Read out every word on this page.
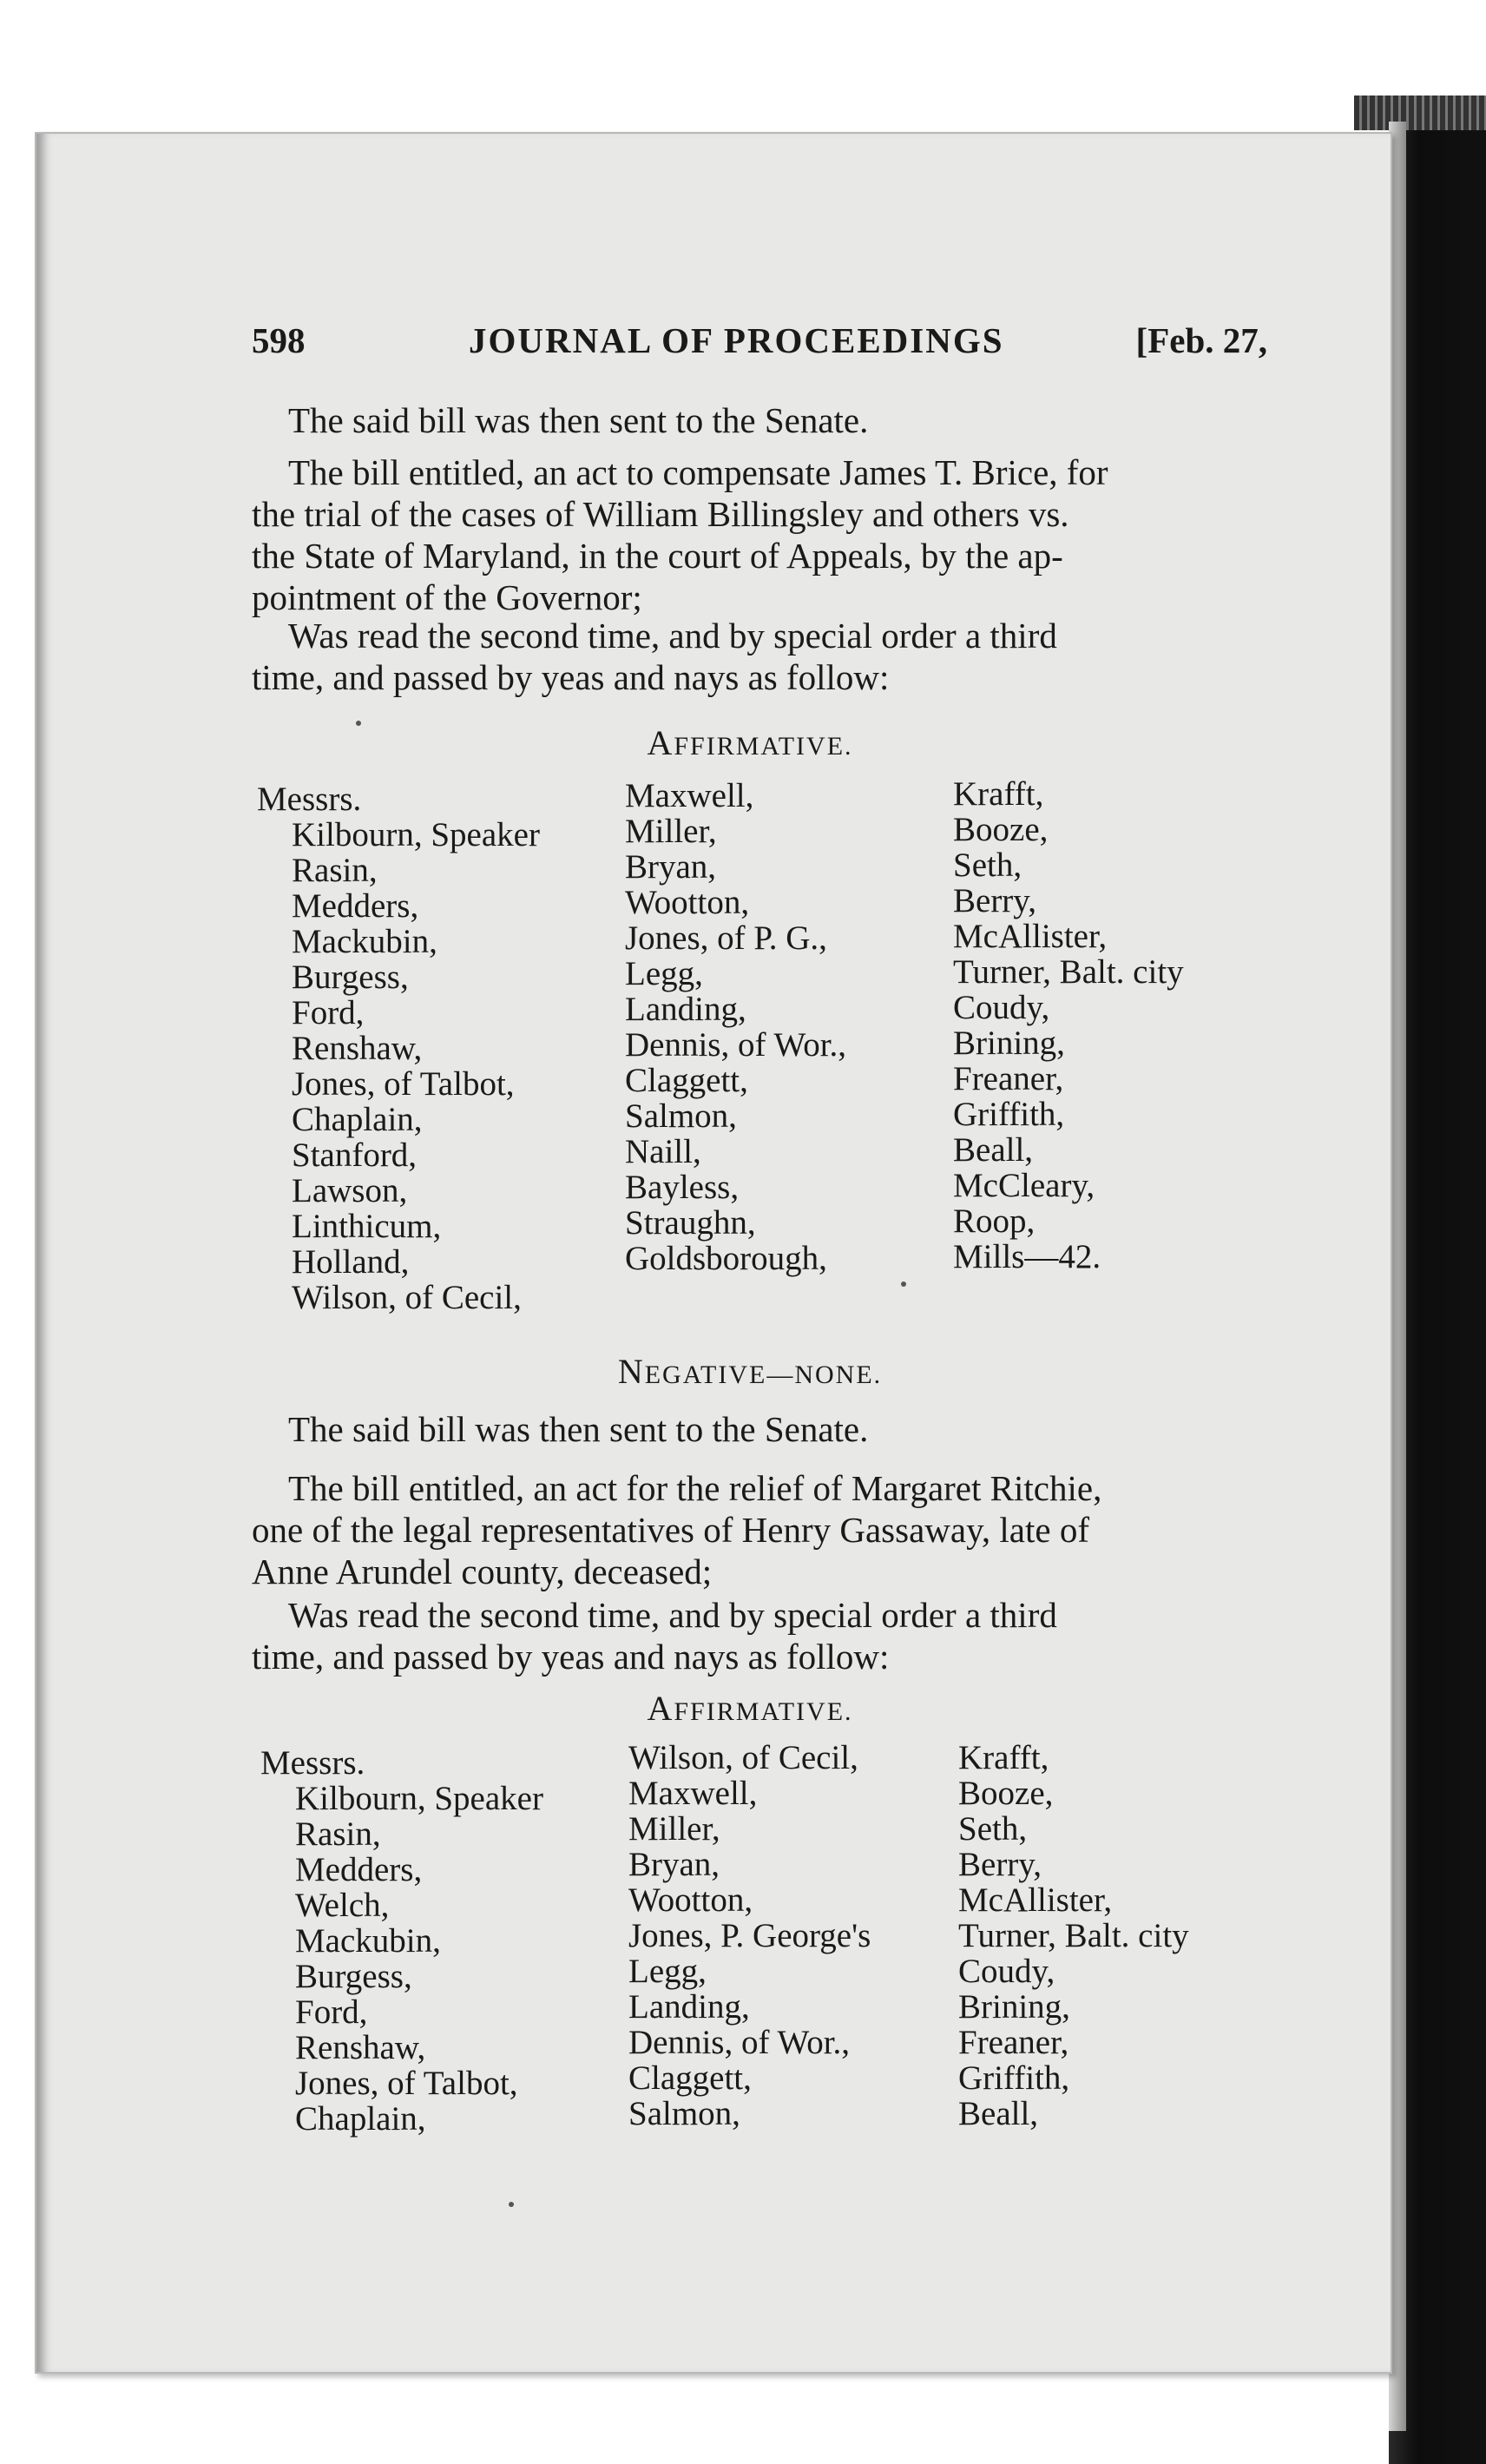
598	JOURNAL OF PROCEEDINGS	[Feb. 27,
The said bill was then sent to the Senate.
The bill entitled, an act to compensate James T. Brice, for
the trial of the cases of William Billingsley and others vs.
the State of Maryland, in the court of Appeals, by the ap-
pointment of the Governor;
Was read the second time, and by special order a third
time, and passed by yeas and nays as follow:
AFFIRMATIVE.
Messrs.
Kilbourn, Speaker
Rasin,
Medders,
Mackubin,
Burgess,
Ford,
Renshaw,
Jones, of Talbot,
Chaplain,
Stanford,
Lawson,
Linthicum,
Holland,
Wilson, of Cecil,
Maxwell,
Miller,
Bryan,
Wootton,
Jones, of P. G.,
Legg,
Landing,
Dennis, of Wor.,
Claggett,
Salmon,
Naill,
Bayless,
Straughn,
Goldsborough,
Krafft,
Booze,
Seth,
Berry,
McAllister,
Turner, Balt. city
Coudy,
Brining,
Freaner,
Griffith,
Beall,
McCleary,
Roop,
Mills—42.
NEGATIVE—NONE.
The said bill was then sent to the Senate.
The bill entitled, an act for the relief of Margaret Ritchie,
one of the legal representatives of Henry Gassaway, late of
Anne Arundel county, deceased;
Was read the second time, and by special order a third
time, and passed by yeas and nays as follow:
AFFIRMATIVE.
Messrs.
Kilbourn, Speaker
Rasin,
Medders,
Welch,
Mackubin,
Burgess,
Ford,
Renshaw,
Jones, of Talbot,
Chaplain,
Wilson, of Cecil,
Maxwell,
Miller,
Bryan,
Wootton,
Jones, P. George's
Legg,
Landing,
Dennis, of Wor.,
Claggett,
Salmon,
Krafft,
Booze,
Seth,
Berry,
McAllister,
Turner, Balt. city
Coudy,
Brining,
Freaner,
Griffith,
Beall,
